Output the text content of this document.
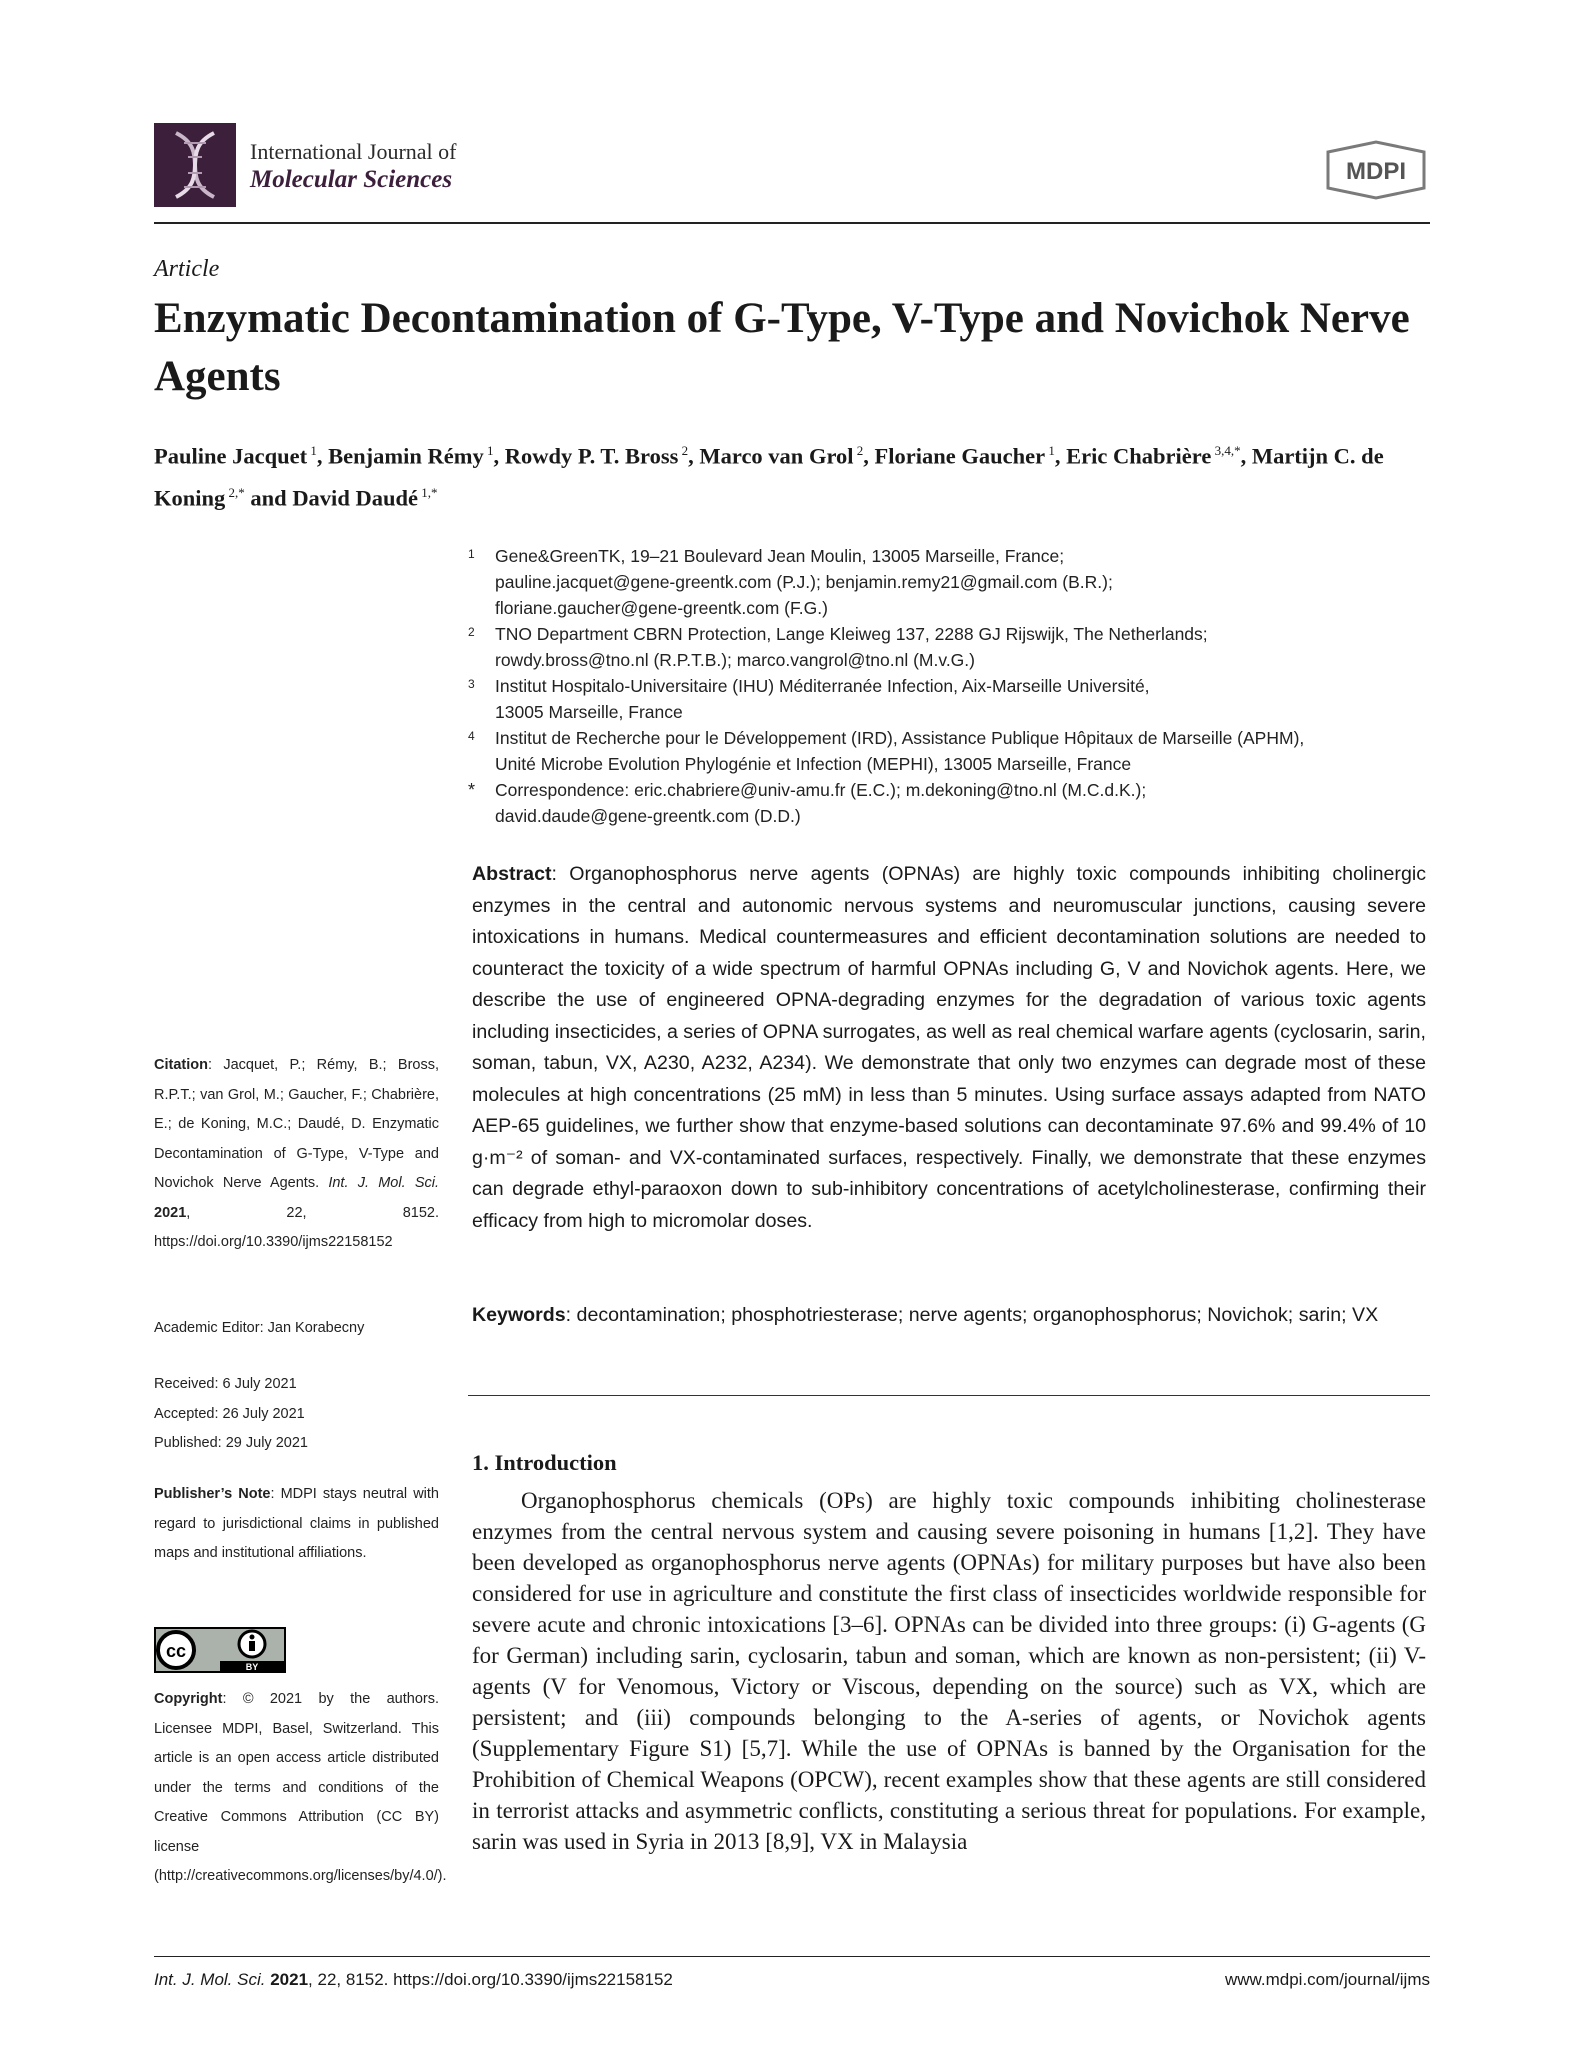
International Journal of
Molecular Sciences	MDPI
Article
Enzymatic Decontamination of G-Type, V-Type and Novichok Nerve Agents
Pauline Jacquet $^1$, Benjamin Rémy $^1$, Rowdy P. T. Bross $^2$, Marco van Grol $^2$, Floriane Gaucher $^1$, Eric Chabrière $^{3,4,*}$, Martijn C. de Koning $^{2,*}$ and David Daudé $^{1,*}$
1 Gene&GreenTK, 19–21 Boulevard Jean Moulin, 13005 Marseille, France;
pauline.jacquet@gene-greentk.com (P.J.); benjamin.remy21@gmail.com (B.R.);
floriane.gaucher@gene-greentk.com (F.G.)
2 TNO Department CBRN Protection, Lange Kleiweg 137, 2288 GJ Rijswijk, The Netherlands;
rowdy.bross@tno.nl (R.P.T.B.); marco.vangrol@tno.nl (M.v.G.)
3 Institut Hospitalo-Universitaire (IHU) Méditerranée Infection, Aix-Marseille Université,
13005 Marseille, France
4 Institut de Recherche pour le Développement (IRD), Assistance Publique Hôpitaux de Marseille (APHM),
Unité Microbe Evolution Phylogénie et Infection (MEPHI), 13005 Marseille, France
* Correspondence: eric.chabriere@univ-amu.fr (E.C.); m.dekoning@tno.nl (M.C.d.K.);
david.daude@gene-greentk.com (D.D.)
Abstract: Organophosphorus nerve agents (OPNAs) are highly toxic compounds inhibiting cholinergic enzymes in the central and autonomic nervous systems and neuromuscular junctions, causing severe intoxications in humans. Medical countermeasures and efficient decontamination solutions are needed to counteract the toxicity of a wide spectrum of harmful OPNAs including G, V and Novichok agents. Here, we describe the use of engineered OPNA-degrading enzymes for the degradation of various toxic agents including insecticides, a series of OPNA surrogates, as well as real chemical warfare agents (cyclosarin, sarin, soman, tabun, VX, A230, A232, A234). We demonstrate that only two enzymes can degrade most of these molecules at high concentrations (25 mM) in less than 5 minutes. Using surface assays adapted from NATO AEP-65 guidelines, we further show that enzyme-based solutions can decontaminate 97.6% and 99.4% of 10 g·m⁻² of soman- and VX-contaminated surfaces, respectively. Finally, we demonstrate that these enzymes can degrade ethyl-paraoxon down to sub-inhibitory concentrations of acetylcholinesterase, confirming their efficacy from high to micromolar doses.
Keywords: decontamination; phosphotriesterase; nerve agents; organophosphorus; Novichok; sarin; VX
Citation: Jacquet, P.; Rémy, B.; Bross, R.P.T.; van Grol, M.; Gaucher, F.; Chabrière, E.; de Koning, M.C.; Daudé, D. Enzymatic Decontamination of G-Type, V-Type and Novichok Nerve Agents. Int. J. Mol. Sci. 2021, 22, 8152. https://doi.org/10.3390/ijms22158152
Academic Editor: Jan Korabecny
Received: 6 July 2021
Accepted: 26 July 2021
Published: 29 July 2021
Publisher’s Note: MDPI stays neutral with regard to jurisdictional claims in published maps and institutional affiliations.
BY
cc
Copyright: © 2021 by the authors. Licensee MDPI, Basel, Switzerland. This article is an open access article distributed under the terms and conditions of the Creative Commons Attribution (CC BY) license (http://creativecommons.org/licenses/by/4.0/).
1. Introduction

Organophosphorus chemicals (OPs) are highly toxic compounds inhibiting cholinesterase enzymes from the central nervous system and causing severe poisoning in humans [1,2]. They have been developed as organophosphorus nerve agents (OPNAs) for military purposes but have also been considered for use in agriculture and constitute the first class of insecticides worldwide responsible for severe acute and chronic intoxications [3–6]. OPNAs can be divided into three groups: (i) G-agents (G for German) including sarin, cyclosarin, tabun and soman, which are known as non-persistent; (ii) V-agents (V for Venomous, Victory or Viscous, depending on the source) such as VX, which are persistent; and (iii) compounds belonging to the A-series of agents, or Novichok agents (Supplementary Figure S1) [5,7]. While the use of OPNAs is banned by the Organisation for the Prohibition of Chemical Weapons (OPCW), recent examples show that these agents are still considered in terrorist attacks and asymmetric conflicts, constituting a serious threat for populations. For example, sarin was used in Syria in 2013 [8,9], VX in Malaysia

Int. J. Mol. Sci. 2021, 22, 8152. https://doi.org/10.3390/ijms22158152	www.mdpi.com/journal/ijms
